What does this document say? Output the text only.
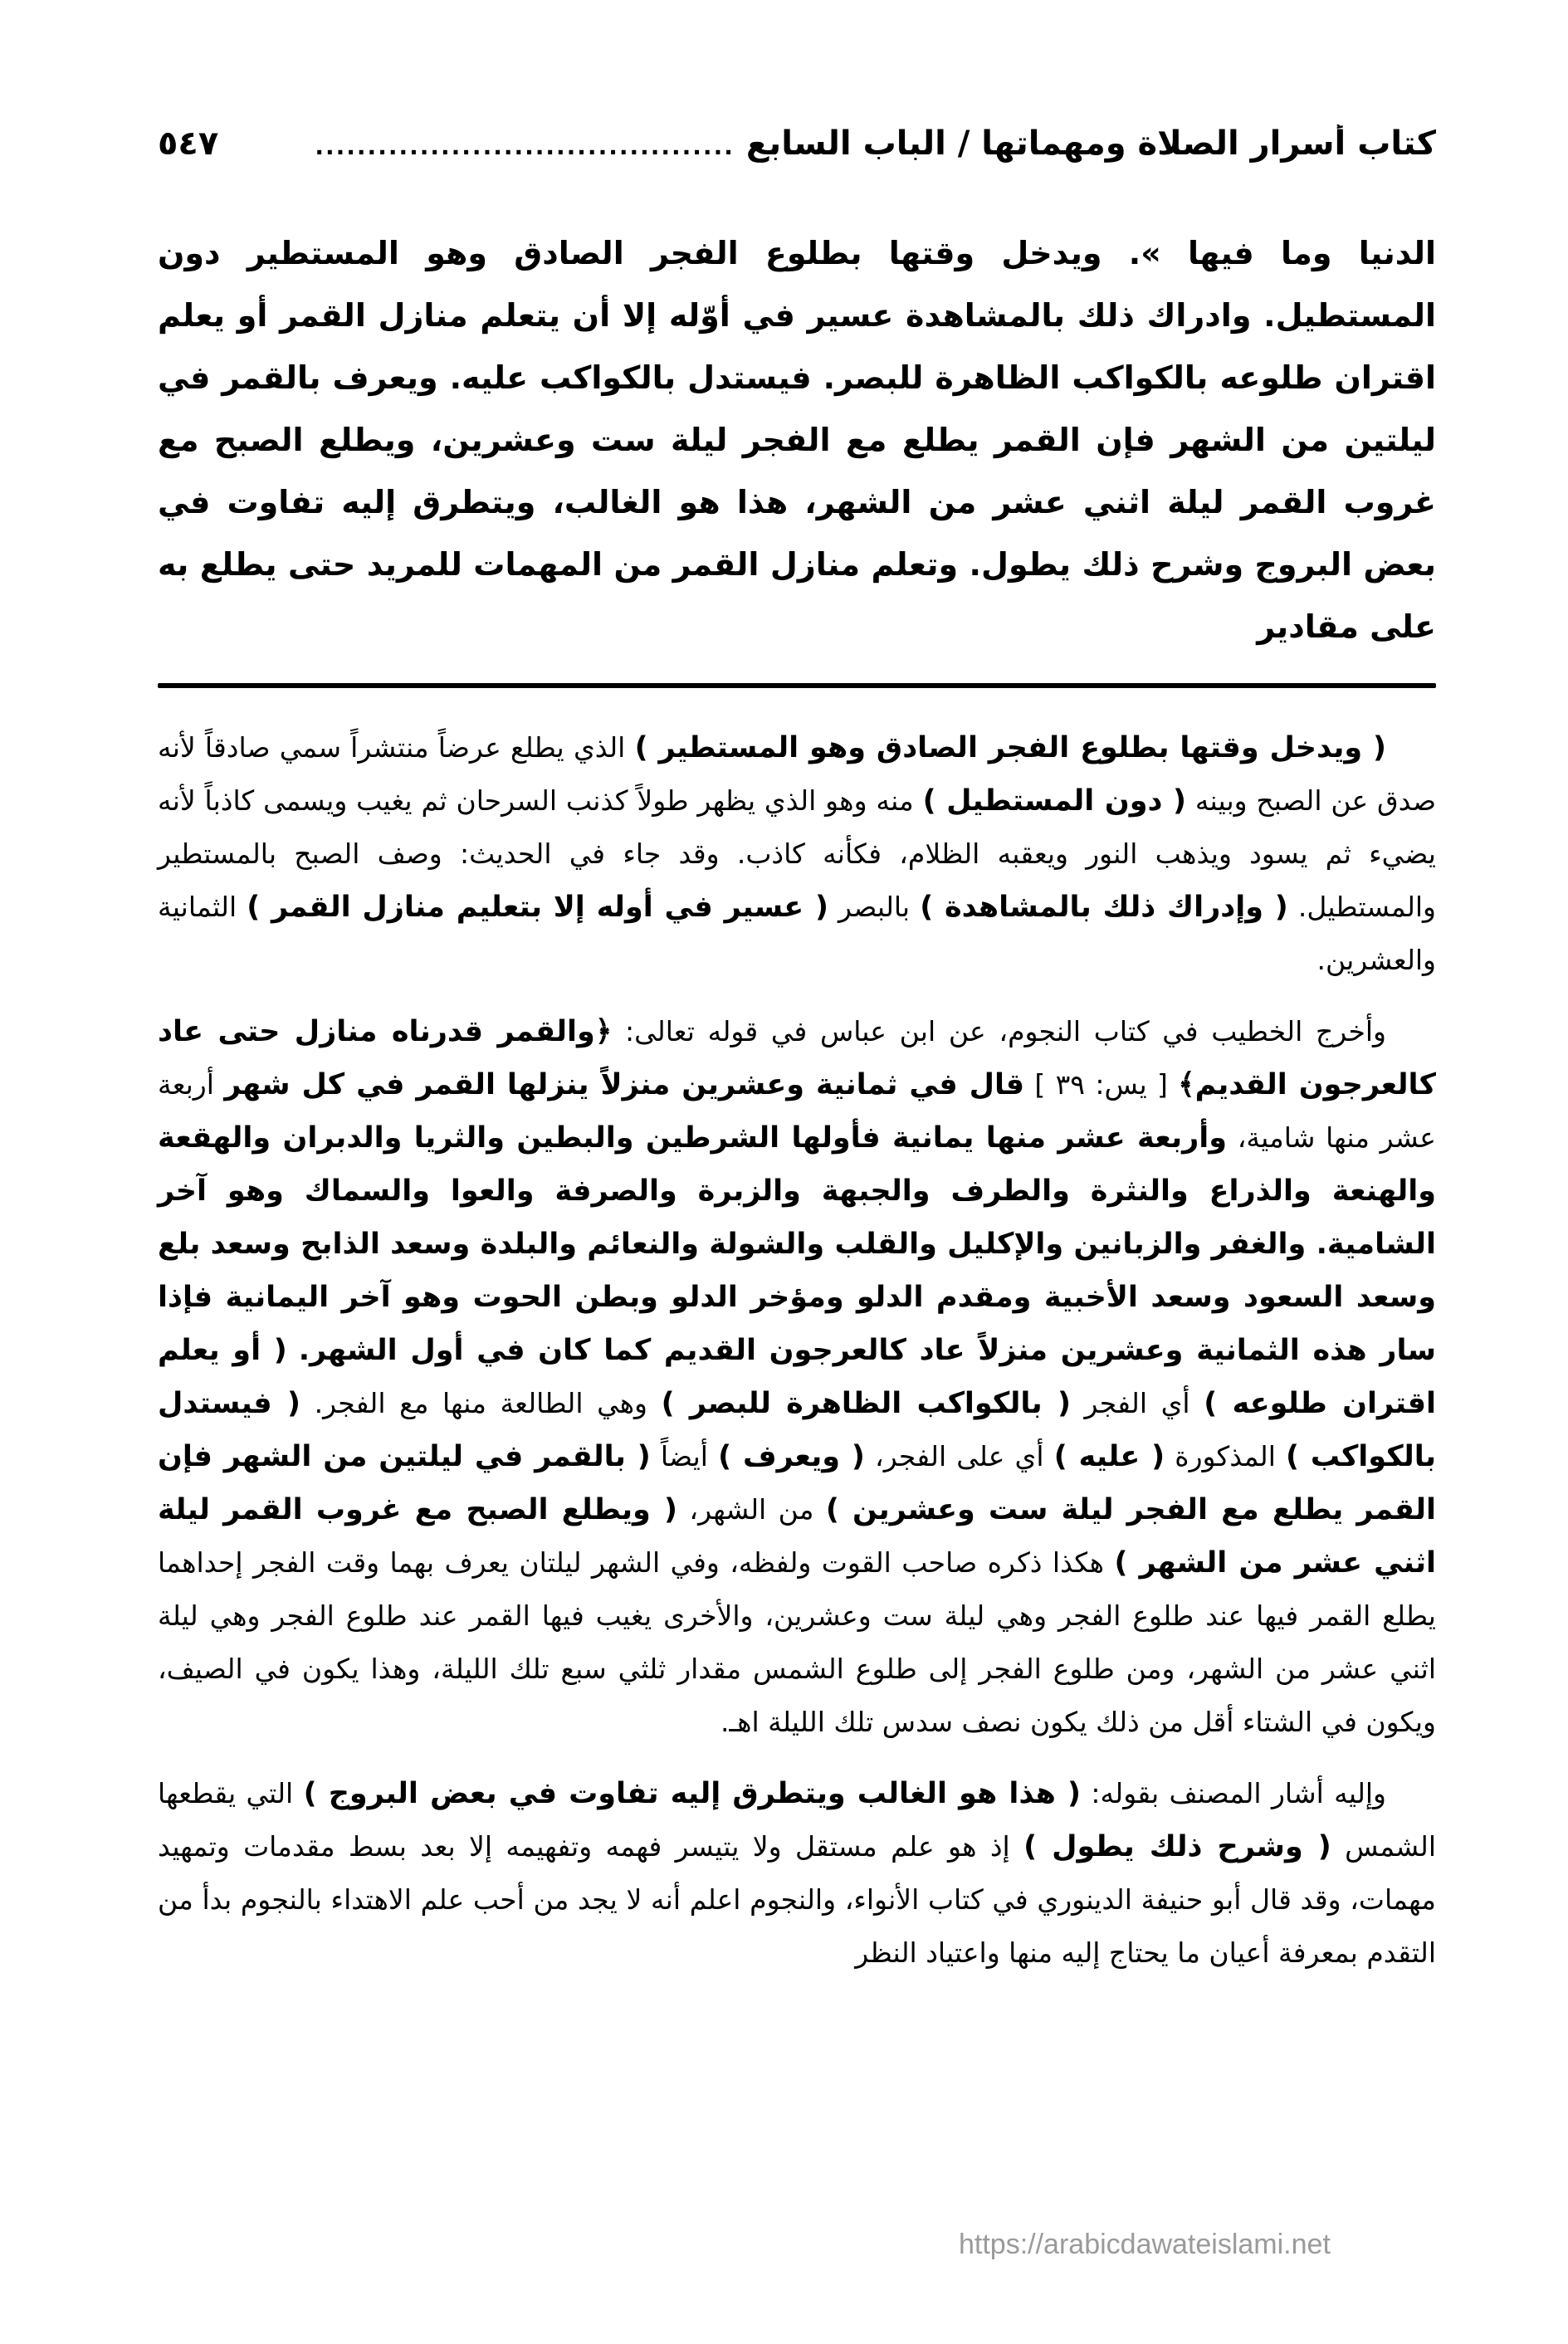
كتاب أسرار الصلاة ومهماتها / الباب السابع
........................................
٥٤٧

الدنيا وما فيها ». ويدخل وقتها بطلوع الفجر الصادق وهو المستطير دون المستطيل. وادراك ذلك بالمشاهدة عسير في أوّله إلا أن يتعلم منازل القمر أو يعلم اقتران طلوعه بالكواكب الظاهرة للبصر. فيستدل بالكواكب عليه. ويعرف بالقمر في ليلتين من الشهر فإن القمر يطلع مع الفجر ليلة ست وعشرين، ويطلع الصبح مع غروب القمر ليلة اثني عشر من الشهر، هذا هو الغالب، ويتطرق إليه تفاوت في بعض البروج وشرح ذلك يطول. وتعلم منازل القمر من المهمات للمريد حتى يطلع به على مقادير

( ويدخل وقتها بطلوع الفجر الصادق وهو المستطير ) الذي يطلع عرضاً منتشراً سمي صادقاً لأنه صدق عن الصبح وبينه ( دون المستطيل ) منه وهو الذي يظهر طولاً كذنب السرحان ثم يغيب ويسمى كاذباً لأنه يضيء ثم يسود ويذهب النور ويعقبه الظلام، فكأنه كاذب. وقد جاء في الحديث: وصف الصبح بالمستطير والمستطيل. ( وإدراك ذلك بالمشاهدة ) بالبصر ( عسير في أوله إلا بتعليم منازل القمر ) الثمانية والعشرين.

وأخرج الخطيب في كتاب النجوم، عن ابن عباس في قوله تعالى: ﴿والقمر قدرناه منازل حتى عاد كالعرجون القديم﴾ [ يس: ٣٩ ] قال في ثمانية وعشرين منزلاً ينزلها القمر في كل شهر أربعة عشر منها شامية، وأربعة عشر منها يمانية فأولها الشرطين والبطين والثريا والدبران والهقعة والهنعة والذراع والنثرة والطرف والجبهة والزبرة والصرفة والعوا والسماك وهو آخر الشامية. والغفر والزبانين والإكليل والقلب والشولة والنعائم والبلدة وسعد الذابح وسعد بلع وسعد السعود وسعد الأخبية ومقدم الدلو ومؤخر الدلو وبطن الحوت وهو آخر اليمانية فإذا سار هذه الثمانية وعشرين منزلاً عاد كالعرجون القديم كما كان في أول الشهر. ( أو يعلم اقتران طلوعه ) أي الفجر ( بالكواكب الظاهرة للبصر ) وهي الطالعة منها مع الفجر. ( فيستدل بالكواكب ) المذكورة ( عليه ) أي على الفجر، ( ويعرف ) أيضاً ( بالقمر في ليلتين من الشهر فإن القمر يطلع مع الفجر ليلة ست وعشرين ) من الشهر، ( ويطلع الصبح مع غروب القمر ليلة اثني عشر من الشهر ) هكذا ذكره صاحب القوت ولفظه، وفي الشهر ليلتان يعرف بهما وقت الفجر إحداهما يطلع القمر فيها عند طلوع الفجر وهي ليلة ست وعشرين، والأخرى يغيب فيها القمر عند طلوع الفجر وهي ليلة اثني عشر من الشهر، ومن طلوع الفجر إلى طلوع الشمس مقدار ثلثي سبع تلك الليلة، وهذا يكون في الصيف، ويكون في الشتاء أقل من ذلك يكون نصف سدس تلك الليلة اهـ.

وإليه أشار المصنف بقوله: ( هذا هو الغالب ويتطرق إليه تفاوت في بعض البروج ) التي يقطعها الشمس ( وشرح ذلك يطول ) إذ هو علم مستقل ولا يتيسر فهمه وتفهيمه إلا بعد بسط مقدمات وتمهيد مهمات، وقد قال أبو حنيفة الدينوري في كتاب الأنواء، والنجوم اعلم أنه لا يجد من أحب علم الاهتداء بالنجوم بدأ من التقدم بمعرفة أعيان ما يحتاج إليه منها واعتياد النظر

https://arabicdawateislami.net
